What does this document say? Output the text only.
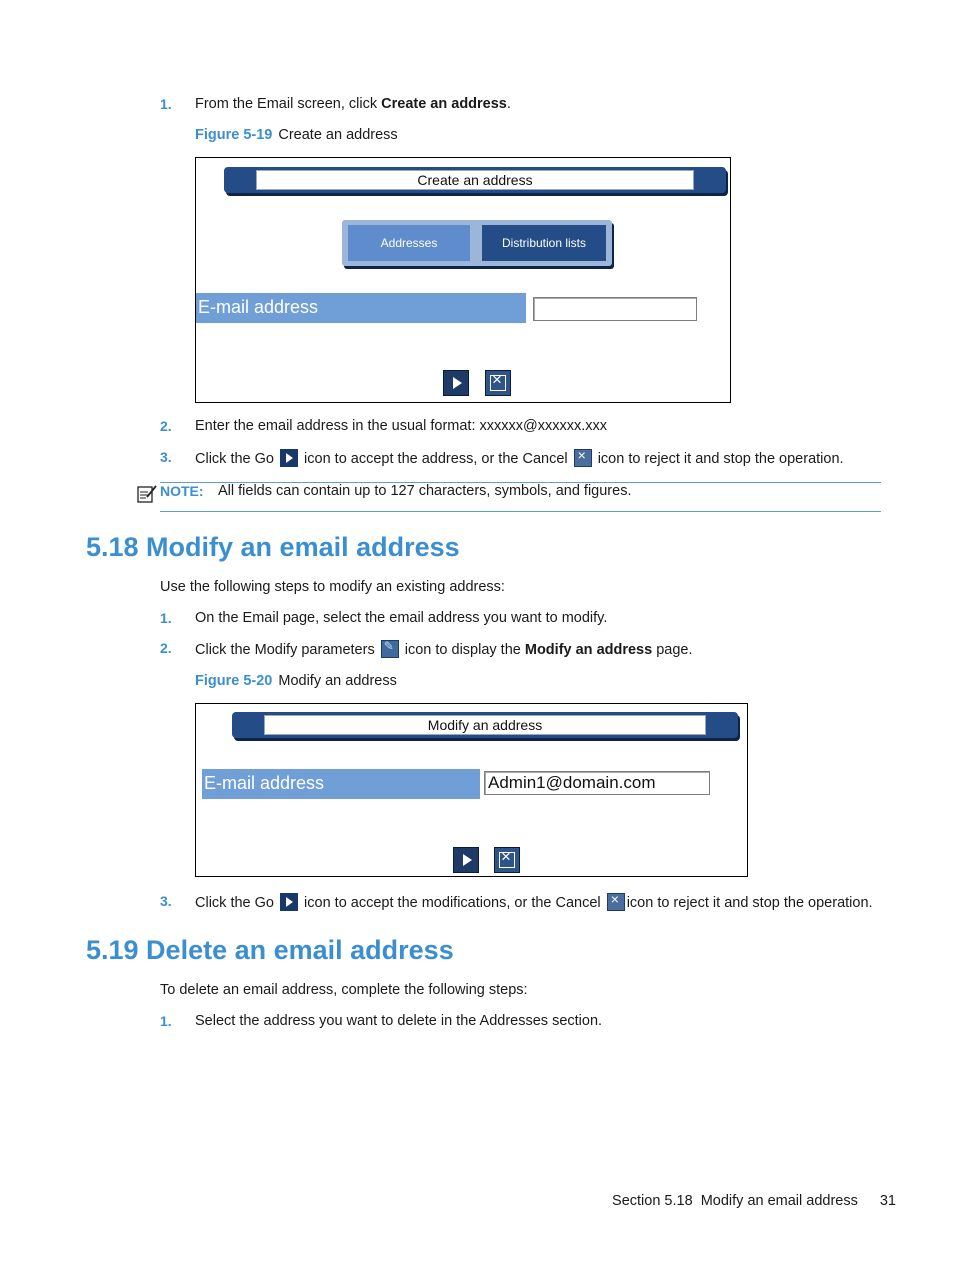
1. From the Email screen, click Create an address.
Figure 5-19 Create an address
Create an address
Addresses	Distribution lists
E-mail address
×
2. Enter the email address in the usual format: xxxxxx@xxxxxx.xxx
3. Click the Go icon to accept the address, or the Cancel × icon to reject it and stop the operation.
NOTE: All fields can contain up to 127 characters, symbols, and figures.
5.18 Modify an email address
Use the following steps to modify an existing address:
1. On the Email page, select the email address you want to modify.
2. Click the Modify parameters ✎ icon to display the Modify an address page.
Figure 5-20 Modify an address
Modify an address
E-mail address	Admin1@domain.com
×
3. Click the Go icon to accept the modifications, or the Cancel × icon to reject it and stop the operation.
5.19 Delete an email address
To delete an email address, complete the following steps:
1. Select the address you want to delete in the Addresses section.
Section 5.18  Modify an email address 31
